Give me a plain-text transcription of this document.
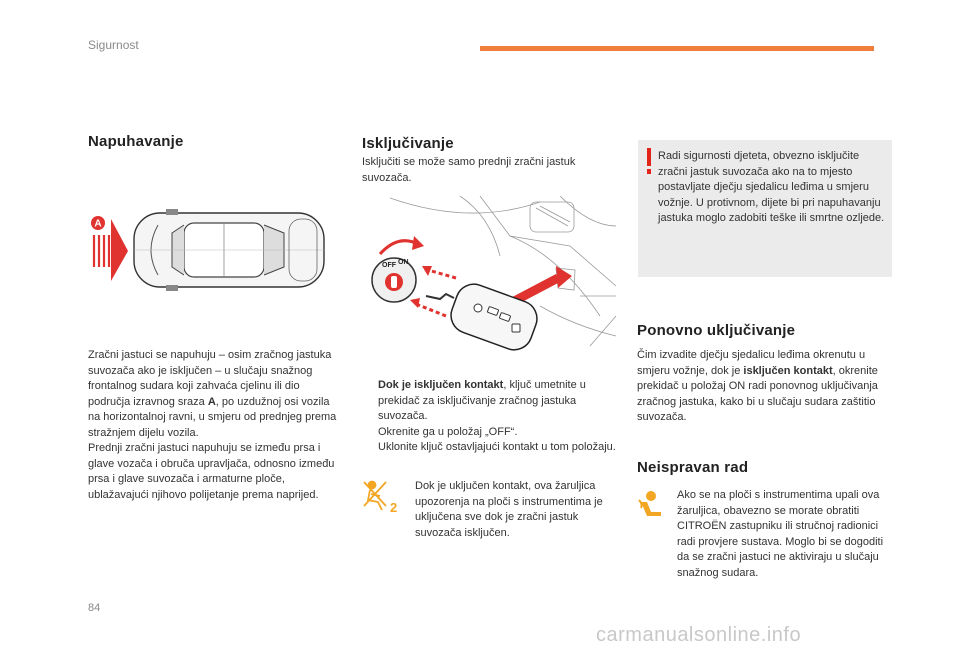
Sigurnost
Napuhavanje
A
Zračni jastuci se napuhuju – osim zračnog jastuka suvozača ako je isključen – u slučaju snažnog frontalnog sudara koji zahvaća cjelinu ili dio područja izravnog sraza A, po uzdužnoj osi vozila na horizontalnoj ravni, u smjeru od prednjeg prema stražnjem dijelu vozila.
Prednji zračni jastuci napuhuju se između prsa i glave vozača i obruča upravljača, odnosno između prsa i glave suvozača i armaturne ploče, ublažavajući njihovo polijetanje prema naprijed.
Isključivanje
Isključiti se može samo prednji zračni jastuk suvozača.
OFF ON
Dok je isključen kontakt, ključ umetnite u prekidač za isključivanje zračnog jastuka suvozača.
Okrenite ga u položaj „OFF“.
Uklonite ključ ostavljajući kontakt u tom položaju.
2
Dok je uključen kontakt, ova žaruljica upozorenja na ploči s instrumentima je uključena sve dok je zračni jastuk suvozača isključen.
Radi sigurnosti djeteta, obvezno isključite zračni jastuk suvozača ako na to mjesto postavljate dječju sjedalicu leđima u smjeru vožnje. U protivnom, dijete bi pri napuhavanju jastuka moglo zadobiti teške ili smrtne ozljede.
Ponovno uključivanje
Čim izvadite dječju sjedalicu leđima okrenutu u smjeru vožnje, dok je isključen kontakt, okrenite prekidač u položaj ON radi ponovnog uključivanja zračnog jastuka, kako bi u slučaju sudara zaštitio suvozača.
Neispravan rad
Ako se na ploči s instrumentima upali ova žaruljica, obavezno se morate obratiti CITROËN zastupniku ili stručnoj radionici radi provjere sustava. Moglo bi se dogoditi da se zračni jastuci ne aktiviraju u slučaju snažnog sudara.
84
carmanualsonline.info
